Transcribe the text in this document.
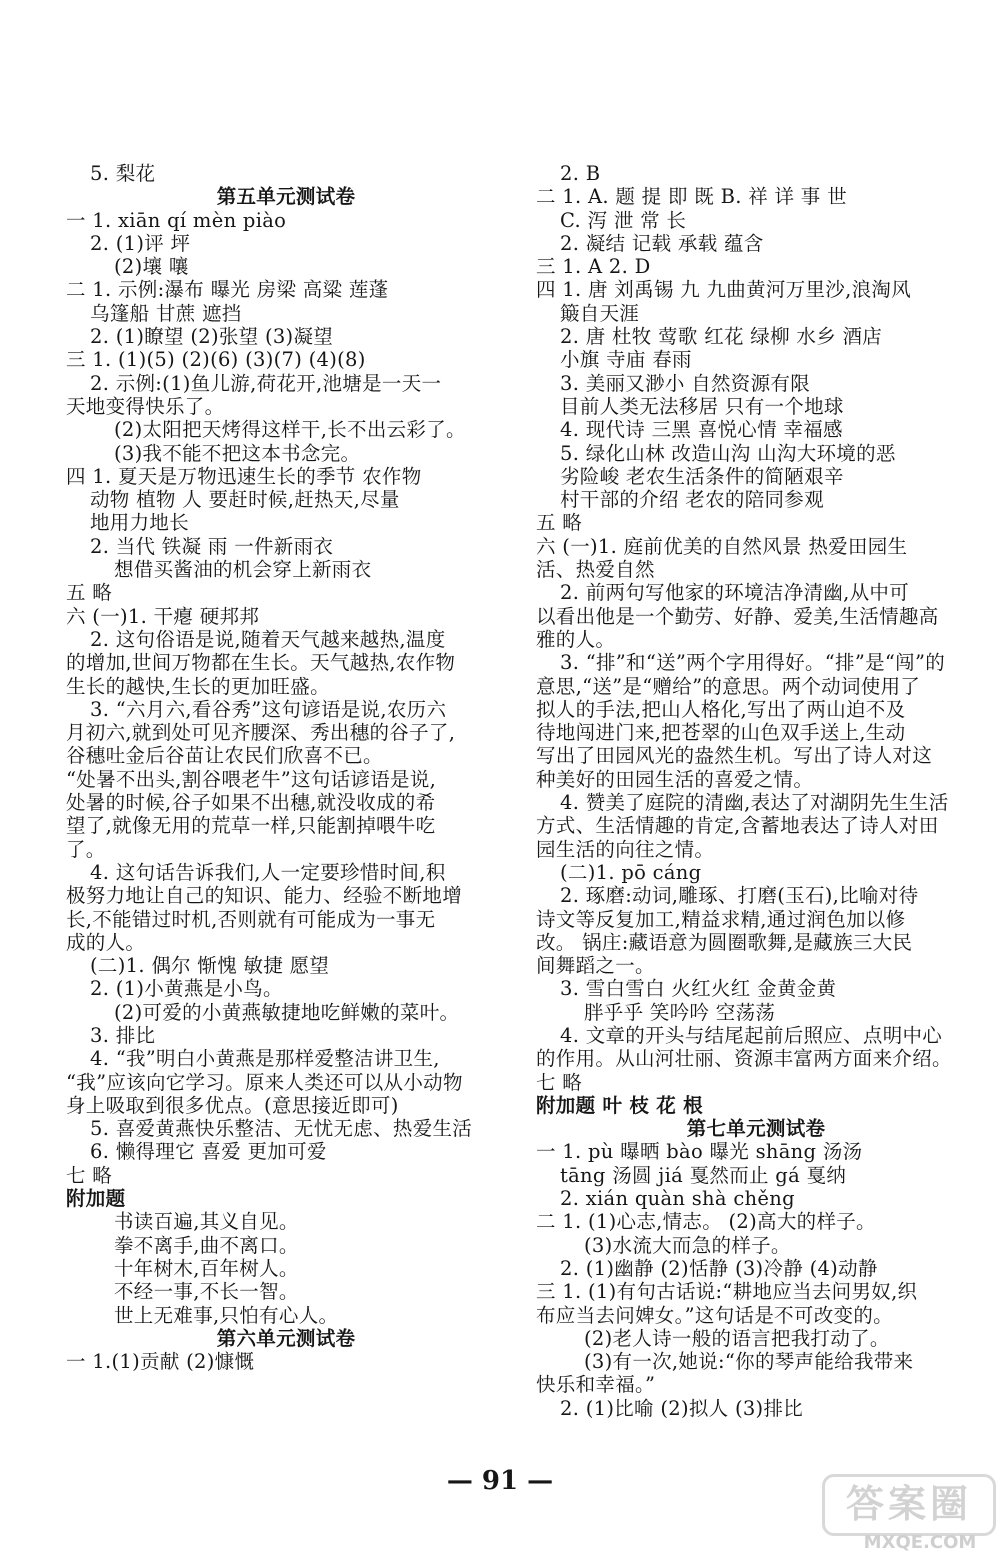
5. 梨花
第五单元测试卷
一 1. xiān qí mèn piào
2. (1)评 坪
(2)壤 嚷
二 1. 示例:瀑布 曝光 房梁 高粱 莲蓬
乌篷船 甘蔗 遮挡
2. (1)瞭望 (2)张望 (3)凝望
三 1. (1)(5) (2)(6) (3)(7) (4)(8)
2. 示例:(1)鱼儿游,荷花开,池塘是一天一
天地变得快乐了。
(2)太阳把天烤得这样干,长不出云彩了。
(3)我不能不把这本书念完。
四 1. 夏天是万物迅速生长的季节 农作物
动物 植物 人 要赶时候,赶热天,尽量
地用力地长
2. 当代 铁凝 雨 一件新雨衣
想借买酱油的机会穿上新雨衣
五 略
六 (一)1. 干瘪 硬邦邦
2. 这句俗语是说,随着天气越来越热,温度
的增加,世间万物都在生长。天气越热,农作物
生长的越快,生长的更加旺盛。
3. “六月六,看谷秀”这句谚语是说,农历六
月初六,就到处可见齐腰深、秀出穗的谷子了,
谷穗吐金后谷苗让农民们欣喜不已。
“处暑不出头,割谷喂老牛”这句话谚语是说,
处暑的时候,谷子如果不出穗,就没收成的希
望了,就像无用的荒草一样,只能割掉喂牛吃
了。
4. 这句话告诉我们,人一定要珍惜时间,积
极努力地让自己的知识、能力、经验不断地增
长,不能错过时机,否则就有可能成为一事无
成的人。
(二)1. 偶尔 惭愧 敏捷 愿望
2. (1)小黄燕是小鸟。
(2)可爱的小黄燕敏捷地吃鲜嫩的菜叶。
3. 排比
4. “我”明白小黄燕是那样爱整洁讲卫生,
“我”应该向它学习。原来人类还可以从小动物
身上吸取到很多优点。(意思接近即可)
5. 喜爱黄燕快乐整洁、无忧无虑、热爱生活
6. 懒得理它 喜爱 更加可爱
七 略
附加题
书读百遍,其义自见。
拳不离手,曲不离口。
十年树木,百年树人。
不经一事,不长一智。
世上无难事,只怕有心人。
第六单元测试卷
一 1.(1)贡献 (2)慷慨
2. B
二 1. A. 题 提 即 既 B. 祥 详 事 世
C. 泻 泄 常 长
2. 凝结 记载 承载 蕴含
三 1. A 2. D
四 1. 唐 刘禹锡 九 九曲黄河万里沙,浪淘风
簸自天涯
2. 唐 杜牧 莺歌 红花 绿柳 水乡 酒店
小旗 寺庙 春雨
3. 美丽又渺小 自然资源有限
目前人类无法移居 只有一个地球
4. 现代诗 三黑 喜悦心情 幸福感
5. 绿化山林 改造山沟 山沟大环境的恶
劣险峻 老农生活条件的简陋艰辛
村干部的介绍 老农的陪同参观
五 略
六 (一)1. 庭前优美的自然风景 热爱田园生
活、热爱自然
2. 前两句写他家的环境洁净清幽,从中可
以看出他是一个勤劳、好静、爱美,生活情趣高
雅的人。
3. “排”和“送”两个字用得好。“排”是“闯”的
意思,“送”是“赠给”的意思。两个动词使用了
拟人的手法,把山人格化,写出了两山迫不及
待地闯进门来,把苍翠的山色双手送上,生动
写出了田园风光的盎然生机。写出了诗人对这
种美好的田园生活的喜爱之情。
4. 赞美了庭院的清幽,表达了对湖阴先生生活
方式、生活情趣的肯定,含蓄地表达了诗人对田
园生活的向往之情。
(二)1. pō cáng
2. 琢磨:动词,雕琢、打磨(玉石),比喻对待
诗文等反复加工,精益求精,通过润色加以修
改。 锅庄:藏语意为圆圈歌舞,是藏族三大民
间舞蹈之一。
3. 雪白雪白 火红火红 金黄金黄
胖乎乎 笑吟吟 空荡荡
4. 文章的开头与结尾起前后照应、点明中心
的作用。从山河壮丽、资源丰富两方面来介绍。
七 略
附加题 叶 枝 花 根
第七单元测试卷
一 1. pù 曝晒 bào 曝光 shāng 汤汤
tāng 汤圆 jiá 戛然而止 gá 戛纳
2. xián quàn shà chěng
二 1. (1)心志,情志。 (2)高大的样子。
(3)水流大而急的样子。
2. (1)幽静 (2)恬静 (3)冷静 (4)动静
三 1. (1)有句古话说:“耕地应当去问男奴,织
布应当去问婢女。”这句话是不可改变的。
(2)老人诗一般的语言把我打动了。
(3)有一次,她说:“你的琴声能给我带来
快乐和幸福。”
2. (1)比喻 (2)拟人 (3)排比
— 91 —
答案圈
MXQE.COM
